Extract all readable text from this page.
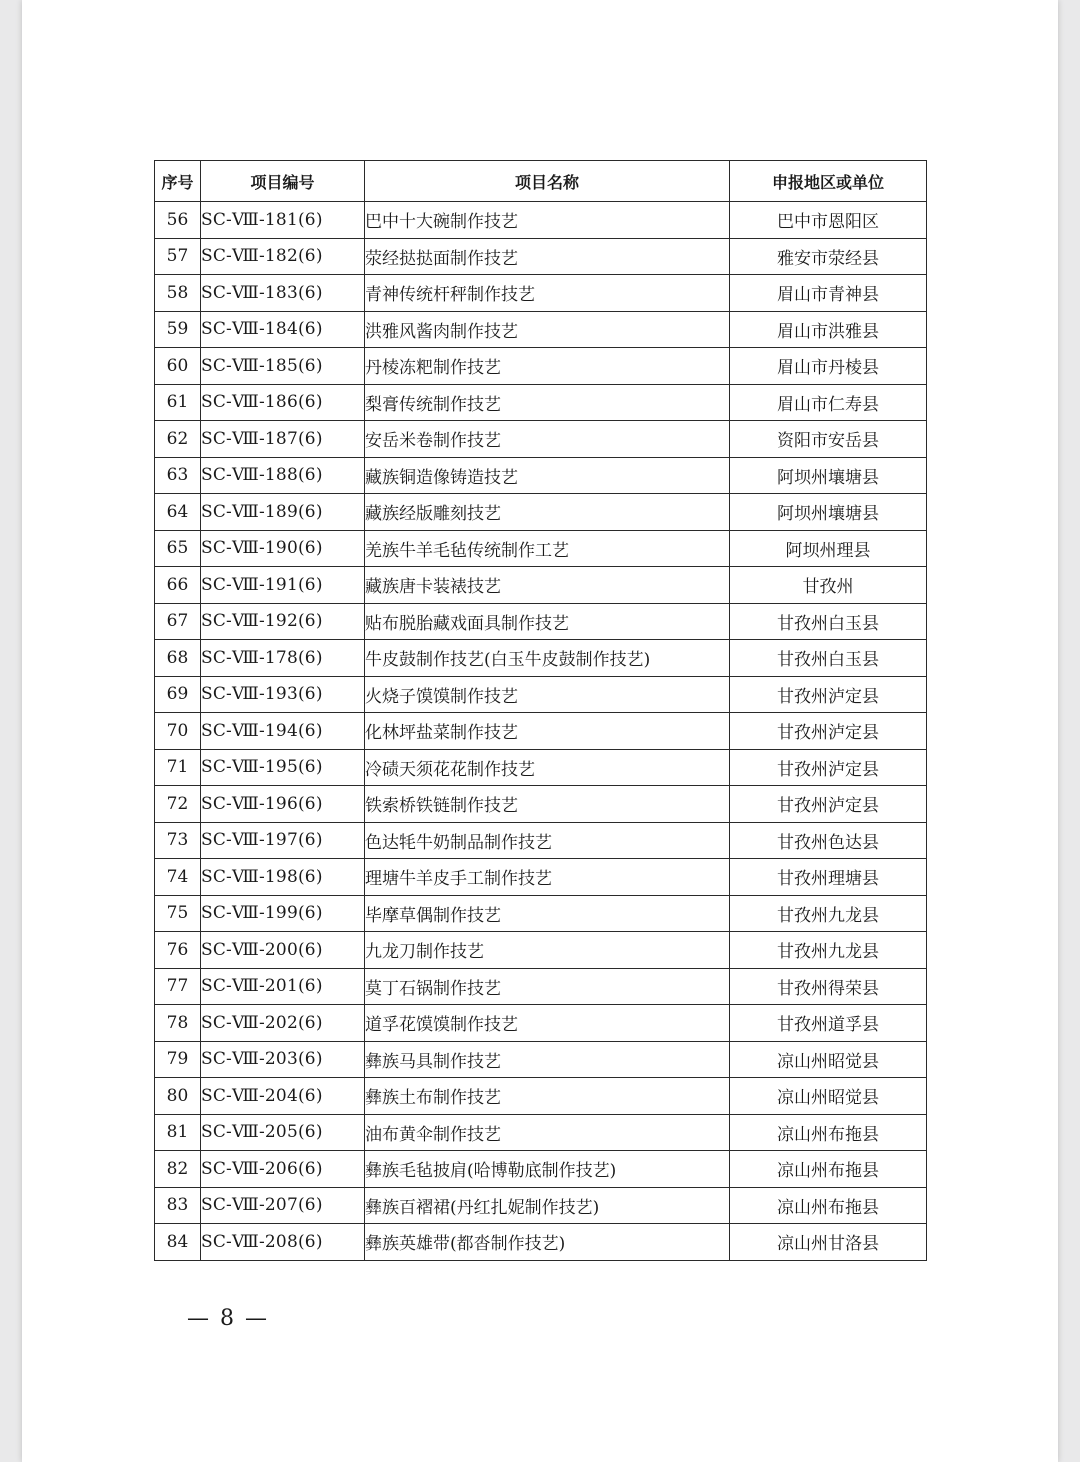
序号	项目编号	项目名称	申报地区或单位
56	SC-Ⅷ-181(6)	巴中十大碗制作技艺	巴中市恩阳区
57	SC-Ⅷ-182(6)	荥经挞挞面制作技艺	雅安市荥经县
58	SC-Ⅷ-183(6)	青神传统杆秤制作技艺	眉山市青神县
59	SC-Ⅷ-184(6)	洪雅风酱肉制作技艺	眉山市洪雅县
60	SC-Ⅷ-185(6)	丹棱冻粑制作技艺	眉山市丹棱县
61	SC-Ⅷ-186(6)	梨膏传统制作技艺	眉山市仁寿县
62	SC-Ⅷ-187(6)	安岳米卷制作技艺	资阳市安岳县
63	SC-Ⅷ-188(6)	藏族铜造像铸造技艺	阿坝州壤塘县
64	SC-Ⅷ-189(6)	藏族经版雕刻技艺	阿坝州壤塘县
65	SC-Ⅷ-190(6)	羌族牛羊毛毡传统制作工艺	阿坝州理县
66	SC-Ⅷ-191(6)	藏族唐卡装裱技艺	甘孜州
67	SC-Ⅷ-192(6)	贴布脱胎藏戏面具制作技艺	甘孜州白玉县
68	SC-Ⅷ-178(6)	牛皮鼓制作技艺(白玉牛皮鼓制作技艺)	甘孜州白玉县
69	SC-Ⅷ-193(6)	火烧子馍馍制作技艺	甘孜州泸定县
70	SC-Ⅷ-194(6)	化林坪盐菜制作技艺	甘孜州泸定县
71	SC-Ⅷ-195(6)	冷碛天须花花制作技艺	甘孜州泸定县
72	SC-Ⅷ-196(6)	铁索桥铁链制作技艺	甘孜州泸定县
73	SC-Ⅷ-197(6)	色达牦牛奶制品制作技艺	甘孜州色达县
74	SC-Ⅷ-198(6)	理塘牛羊皮手工制作技艺	甘孜州理塘县
75	SC-Ⅷ-199(6)	毕摩草偶制作技艺	甘孜州九龙县
76	SC-Ⅷ-200(6)	九龙刀制作技艺	甘孜州九龙县
77	SC-Ⅷ-201(6)	莫丁石锅制作技艺	甘孜州得荣县
78	SC-Ⅷ-202(6)	道孚花馍馍制作技艺	甘孜州道孚县
79	SC-Ⅷ-203(6)	彝族马具制作技艺	凉山州昭觉县
80	SC-Ⅷ-204(6)	彝族土布制作技艺	凉山州昭觉县
81	SC-Ⅷ-205(6)	油布黄伞制作技艺	凉山州布拖县
82	SC-Ⅷ-206(6)	彝族毛毡披肩(哈博勒底制作技艺)	凉山州布拖县
83	SC-Ⅷ-207(6)	彝族百褶裙(丹红扎妮制作技艺)	凉山州布拖县
84	SC-Ⅷ-208(6)	彝族英雄带(都沓制作技艺)	凉山州甘洛县
— 8 —
